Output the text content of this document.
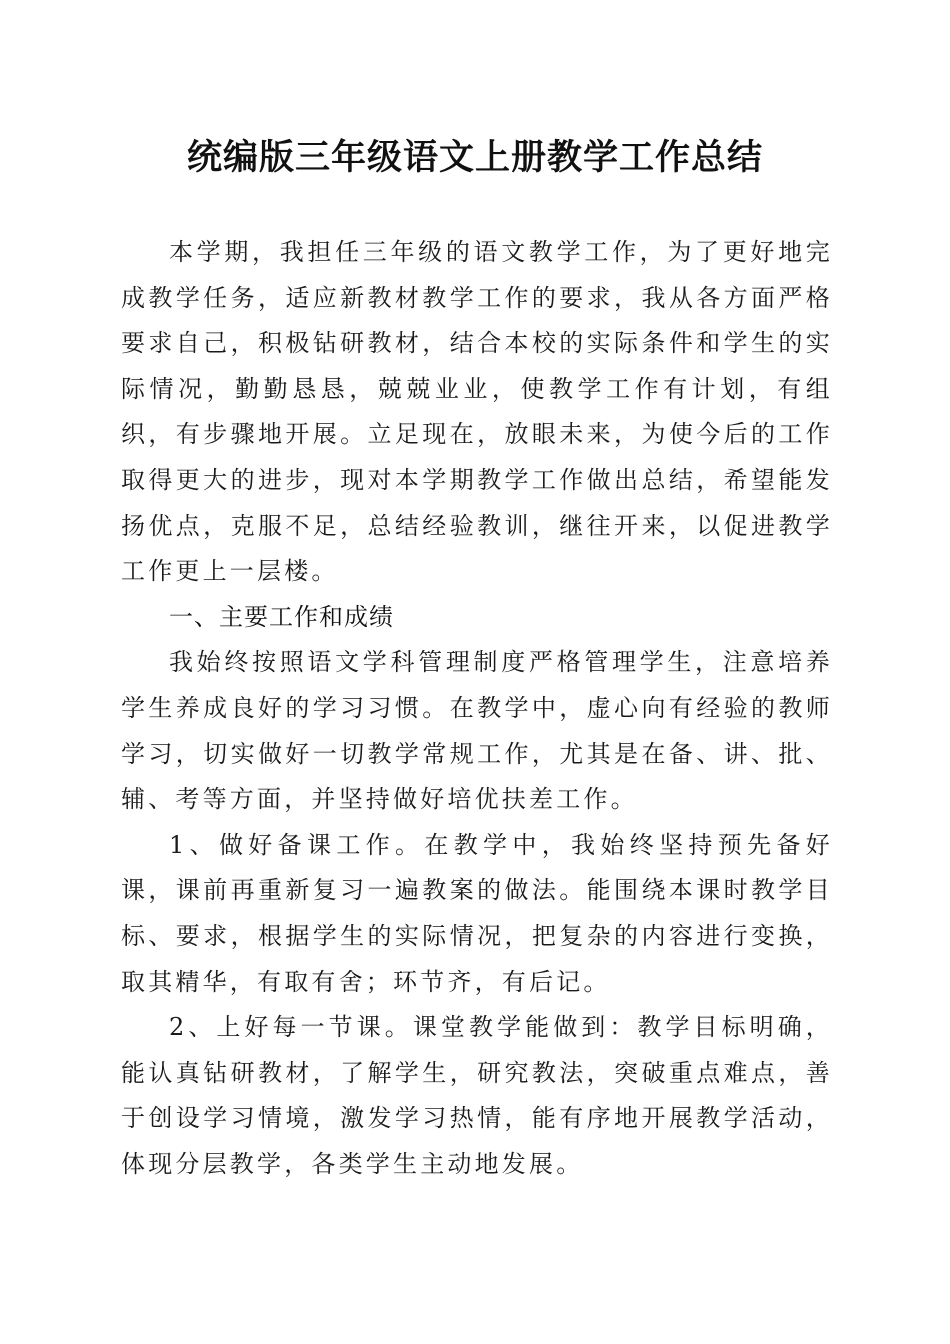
统编版三年级语文上册教学工作总结

本学期，我担任三年级的语文教学工作，为了更好地完成教学任务，适应新教材教学工作的要求，我从各方面严格要求自己，积极钻研教材，结合本校的实际条件和学生的实际情况，勤勤恳恳，兢兢业业，使教学工作有计划，有组织，有步骤地开展。立足现在，放眼未来，为使今后的工作取得更大的进步，现对本学期教学工作做出总结，希望能发扬优点，克服不足，总结经验教训，继往开来，以促进教学工作更上一层楼。

一、主要工作和成绩

我始终按照语文学科管理制度严格管理学生，注意培养学生养成良好的学习习惯。在教学中，虚心向有经验的教师学习，切实做好一切教学常规工作，尤其是在备、讲、批、辅、考等方面，并坚持做好培优扶差工作。

1、做好备课工作。在教学中，我始终坚持预先备好课，课前再重新复习一遍教案的做法。能围绕本课时教学目标、要求，根据学生的实际情况，把复杂的内容进行变换，取其精华，有取有舍；环节齐，有后记。

2、上好每一节课。课堂教学能做到：教学目标明确，能认真钻研教材，了解学生，研究教法，突破重点难点，善于创设学习情境，激发学习热情，能有序地开展教学活动，体现分层教学，各类学生主动地发展。
